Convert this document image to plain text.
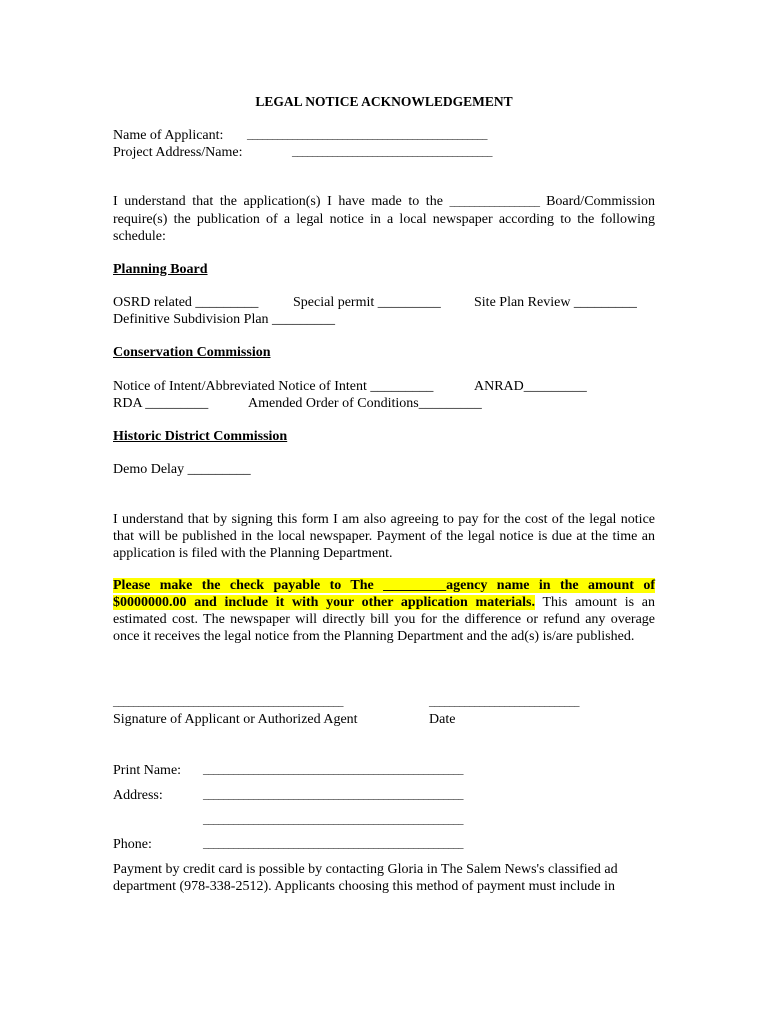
LEGAL NOTICE ACKNOWLEDGEMENT
Name of Applicant: ________________________________________________
Project Address/Name:	________________________________________
I understand that the application(s) I have made to the __________________ Board/Commission require(s) the publication of a legal notice in a local newspaper according to the following schedule:
Planning Board
OSRD related _________ Special permit _________ Site Plan Review _________
Definitive Subdivision Plan _________
Conservation Commission
Notice of Intent/Abbreviated Notice of Intent _________	ANRAD_________
RDA _________	Amended Order of Conditions_________
Historic District Commission
Demo Delay _________
I understand that by signing this form I am also agreeing to pay for the cost of the legal notice that will be published in the local newspaper. Payment of the legal notice is due at the time an application is filed with the Planning Department.
Please make the check payable to The _________agency name in the amount of $0000000.00 and include it with your other application materials. This amount is an estimated cost. The newspaper will directly bill you for the difference or refund any overage once it receives the legal notice from the Planning Department and the ad(s) is/are published.
______________________________________________	______________________________
Signature of Applicant or Authorized Agent	Date
Print Name: ____________________________________________________
Address:	____________________________________________________
____________________________________________________
Phone:	____________________________________________________
Payment by credit card is possible by contacting Gloria in The Salem News's classified ad
department (978-338-2512). Applicants choosing this method of payment must include in
